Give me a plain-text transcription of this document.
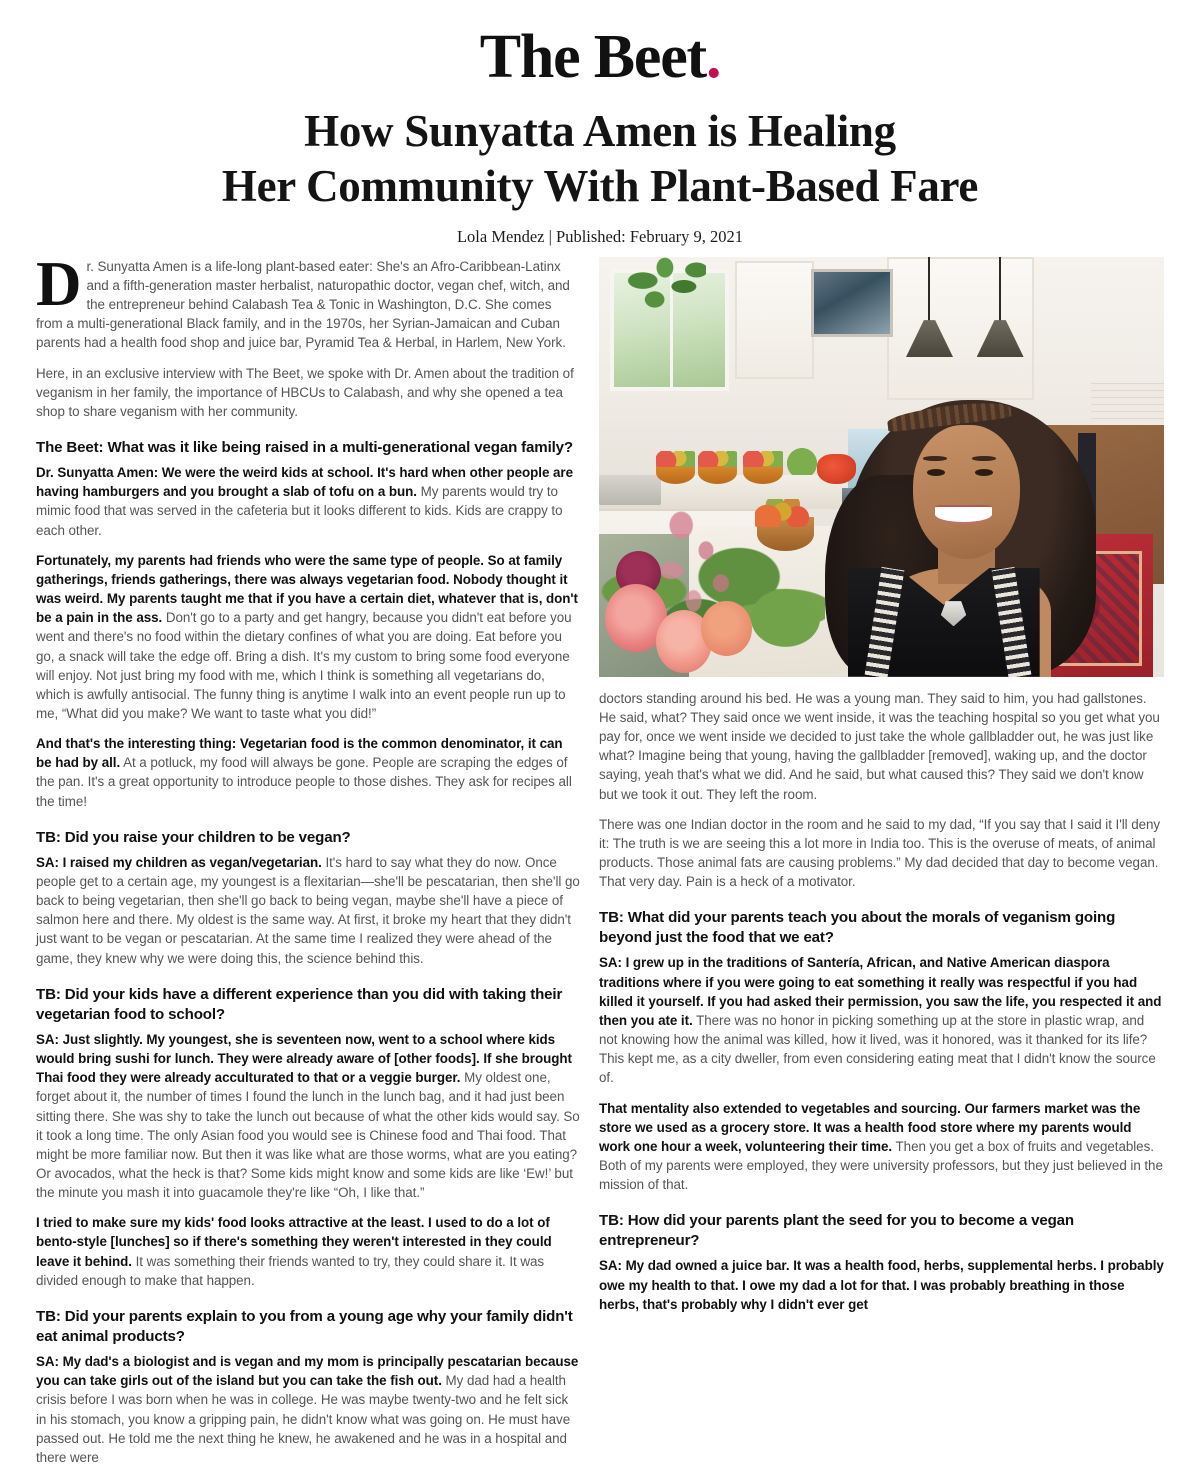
The Beet.
How Sunyatta Amen is Healing
Her Community With Plant-Based Fare
Lola Mendez | Published: February 9, 2021

Dr. Sunyatta Amen is a life-long plant-based eater: She's an Afro-Caribbean-Latinx and a fifth-generation master herbalist, naturopathic doctor, vegan chef, witch, and the entrepreneur behind Calabash Tea & Tonic in Washington, D.C. She comes from a multi-generational Black family, and in the 1970s, her Syrian-Jamaican and Cuban parents had a health food shop and juice bar, Pyramid Tea & Herbal, in Harlem, New York.

Here, in an exclusive interview with The Beet, we spoke with Dr. Amen about the tradition of veganism in her family, the importance of HBCUs to Calabash, and why she opened a tea shop to share veganism with her community.

The Beet: What was it like being raised in a multi-generational vegan family?

Dr. Sunyatta Amen: We were the weird kids at school. It's hard when other people are having hamburgers and you brought a slab of tofu on a bun. My parents would try to mimic food that was served in the cafeteria but it looks different to kids. Kids are crappy to each other.

Fortunately, my parents had friends who were the same type of people. So at family gatherings, friends gatherings, there was always vegetarian food. Nobody thought it was weird. My parents taught me that if you have a certain diet, whatever that is, don't be a pain in the ass. Don't go to a party and get hangry, because you didn't eat before you went and there's no food within the dietary confines of what you are doing. Eat before you go, a snack will take the edge off. Bring a dish. It's my custom to bring some food everyone will enjoy. Not just bring my food with me, which I think is something all vegetarians do, which is awfully antisocial. The funny thing is anytime I walk into an event people run up to me, “What did you make? We want to taste what you did!”

And that's the interesting thing: Vegetarian food is the common denominator, it can be had by all. At a potluck, my food will always be gone. People are scraping the edges of the pan. It's a great opportunity to introduce people to those dishes. They ask for recipes all the time!

TB: Did you raise your children to be vegan?

SA: I raised my children as vegan/vegetarian. It's hard to say what they do now. Once people get to a certain age, my youngest is a flexitarian—she'll be pescatarian, then she'll go back to being vegetarian, then she'll go back to being vegan, maybe she'll have a piece of salmon here and there. My oldest is the same way. At first, it broke my heart that they didn't just want to be vegan or pescatarian. At the same time I realized they were ahead of the game, they knew why we were doing this, the science behind this.

TB: Did your kids have a different experience than you did with taking their vegetarian food to school?

SA: Just slightly. My youngest, she is seventeen now, went to a school where kids would bring sushi for lunch. They were already aware of [other foods]. If she brought Thai food they were already acculturated to that or a veggie burger. My oldest one, forget about it, the number of times I found the lunch in the lunch bag, and it had just been sitting there. She was shy to take the lunch out because of what the other kids would say. So it took a long time. The only Asian food you would see is Chinese food and Thai food. That might be more familiar now. But then it was like what are those worms, what are you eating? Or avocados, what the heck is that? Some kids might know and some kids are like ‘Ew!’ but the minute you mash it into guacamole they're like “Oh, I like that.”

I tried to make sure my kids' food looks attractive at the least. I used to do a lot of bento-style [lunches] so if there's something they weren't interested in they could leave it behind. It was something their friends wanted to try, they could share it. It was divided enough to make that happen.

TB: Did your parents explain to you from a young age why your family didn't eat animal products?

SA: My dad's a biologist and is vegan and my mom is principally pescatarian because you can take girls out of the island but you can take the fish out. My dad had a health crisis before I was born when he was in college. He was maybe twenty-two and he felt sick in his stomach, you know a gripping pain, he didn't know what was going on. He must have passed out. He told me the next thing he knew, he awakened and he was in a hospital and there were

doctors standing around his bed. He was a young man. They said to him, you had gallstones. He said, what? They said once we went inside, it was the teaching hospital so you get what you pay for, once we went inside we decided to just take the whole gallbladder out, he was just like what? Imagine being that young, having the gallbladder [removed], waking up, and the doctor saying, yeah that's what we did. And he said, but what caused this? They said we don't know but we took it out. They left the room.

There was one Indian doctor in the room and he said to my dad, “If you say that I said it I'll deny it: The truth is we are seeing this a lot more in India too. This is the overuse of meats, of animal products. Those animal fats are causing problems.” My dad decided that day to become vegan. That very day. Pain is a heck of a motivator.

TB: What did your parents teach you about the morals of veganism going beyond just the food that we eat?

SA: I grew up in the traditions of Santería, African, and Native American diaspora traditions where if you were going to eat something it really was respectful if you had killed it yourself. If you had asked their permission, you saw the life, you respected it and then you ate it. There was no honor in picking something up at the store in plastic wrap, and not knowing how the animal was killed, how it lived, was it honored, was it thanked for its life? This kept me, as a city dweller, from even considering eating meat that I didn't know the source of.

That mentality also extended to vegetables and sourcing. Our farmers market was the store we used as a grocery store. It was a health food store where my parents would work one hour a week, volunteering their time. Then you get a box of fruits and vegetables. Both of my parents were employed, they were university professors, but they just believed in the mission of that.

TB: How did your parents plant the seed for you to become a vegan entrepreneur?

SA: My dad owned a juice bar. It was a health food, herbs, supplemental herbs. I probably owe my health to that. I owe my dad a lot for that. I was probably breathing in those herbs, that's probably why I didn't ever get
